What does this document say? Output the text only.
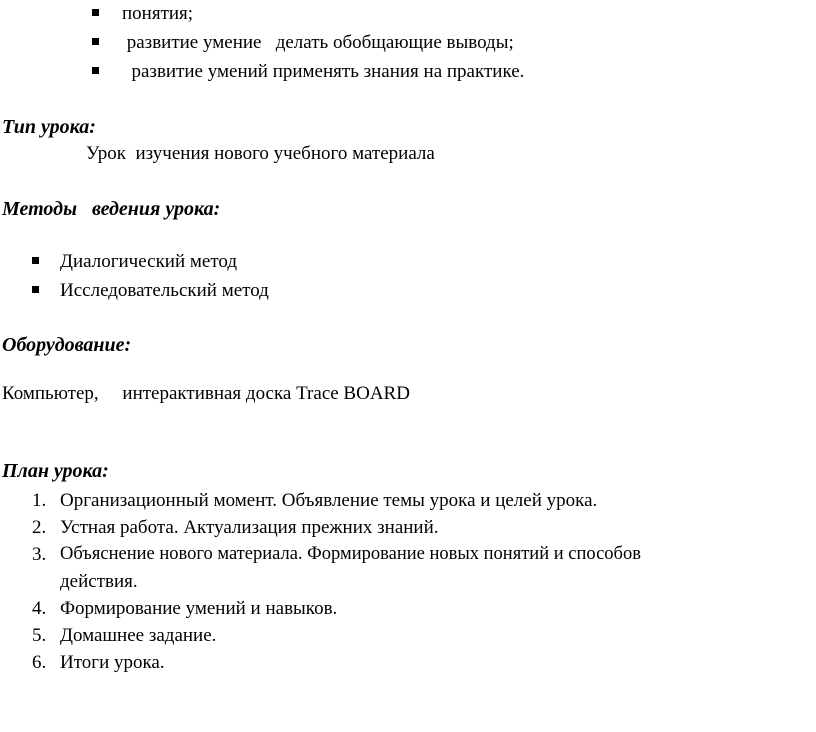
понятия;
развитие умение   делать обобщающие выводы;
развитие умений применять знания на практике.
Тип урока:
Урок  изучения нового учебного материала
Методы   ведения урока:
Диалогический метод
Исследовательский метод
Оборудование:
Компьютер,     интерактивная доска Trace BOARD
План урока:
1. Организационный момент. Объявление темы урока и целей урока.
2. Устная работа. Актуализация прежних знаний.
3. Объяснение нового материала. Формирование новых понятий и способов
действия.
4. Формирование умений и навыков.
5. Домашнее задание.
6. Итоги урока.
